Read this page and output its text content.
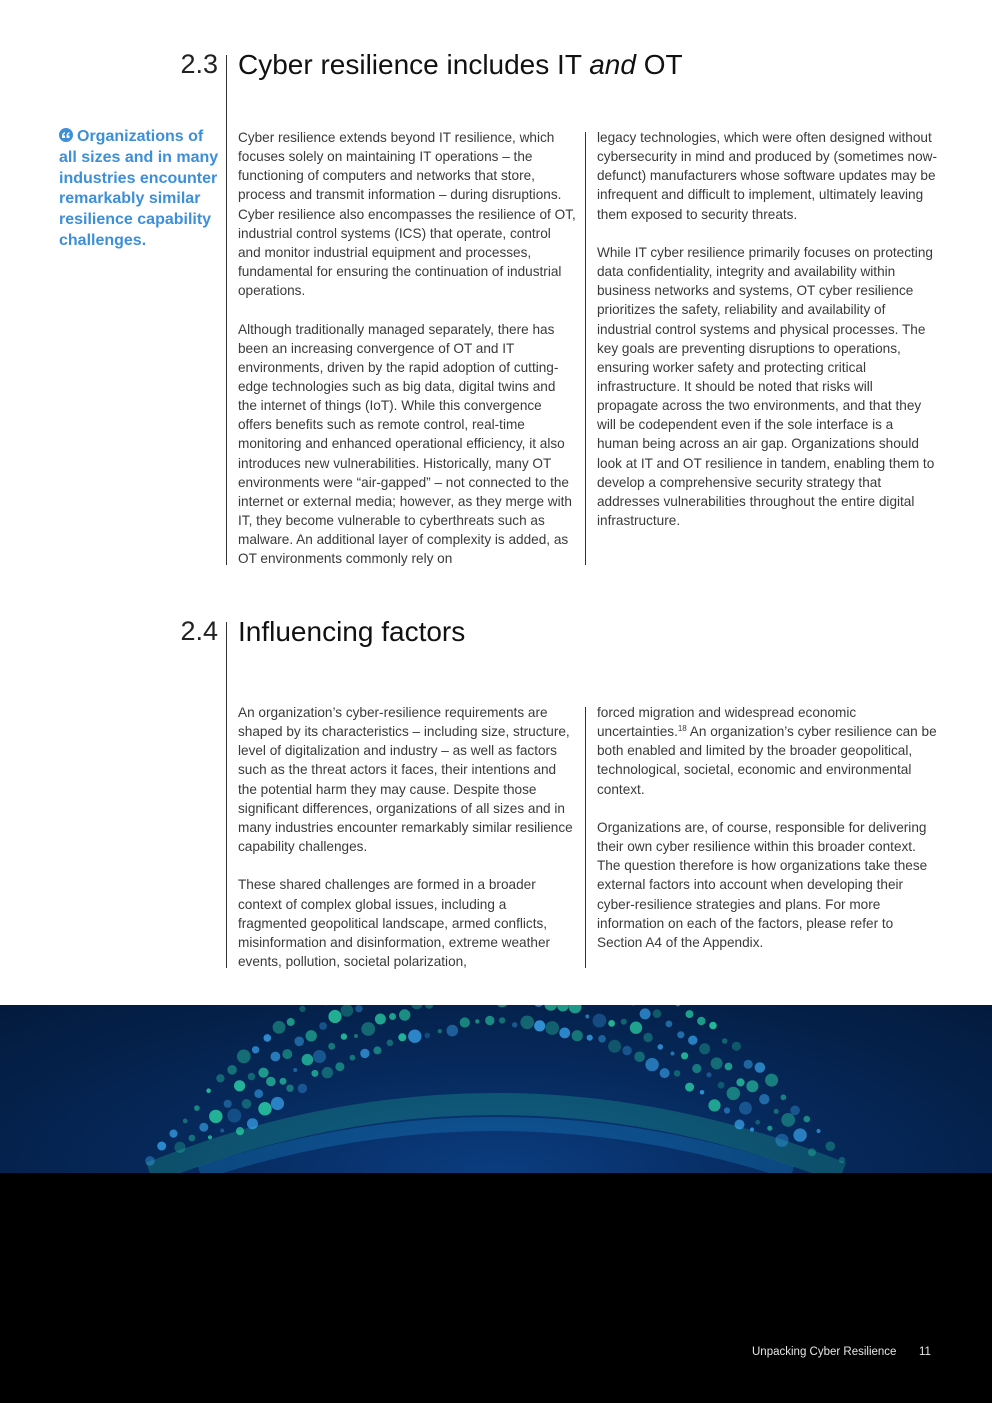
2.3 Cyber resilience includes IT and OT
Organizations of all sizes and in many industries encounter remarkably similar resilience capability challenges.

Cyber resilience extends beyond IT resilience, which focuses solely on maintaining IT operations – the functioning of computers and networks that store, process and transmit information – during disruptions. Cyber resilience also encompasses the resilience of OT, industrial control systems (ICS) that operate, control and monitor industrial equipment and processes, fundamental for ensuring the continuation of industrial operations.

Although traditionally managed separately, there has been an increasing convergence of OT and IT environments, driven by the rapid adoption of cutting-edge technologies such as big data, digital twins and the internet of things (IoT). While this convergence offers benefits such as remote control, real-time monitoring and enhanced operational efficiency, it also introduces new vulnerabilities. Historically, many OT environments were “air-gapped” – not connected to the internet or external media; however, as they merge with IT, they become vulnerable to cyberthreats such as malware. An additional layer of complexity is added, as OT environments commonly rely on

legacy technologies, which were often designed without cybersecurity in mind and produced by (sometimes now-defunct) manufacturers whose software updates may be infrequent and difficult to implement, ultimately leaving them exposed to security threats.

While IT cyber resilience primarily focuses on protecting data confidentiality, integrity and availability within business networks and systems, OT cyber resilience prioritizes the safety, reliability and availability of industrial control systems and physical processes. The key goals are preventing disruptions to operations, ensuring worker safety and protecting critical infrastructure. It should be noted that risks will propagate across the two environments, and that they will be codependent even if the sole interface is a human being across an air gap. Organizations should look at IT and OT resilience in tandem, enabling them to develop a comprehensive security strategy that addresses vulnerabilities throughout the entire digital infrastructure.

2.4 Influencing factors

An organization’s cyber-resilience requirements are shaped by its characteristics – including size, structure, level of digitalization and industry – as well as factors such as the threat actors it faces, their intentions and the potential harm they may cause. Despite those significant differences, organizations of all sizes and in many industries encounter remarkably similar resilience capability challenges.

These shared challenges are formed in a broader context of complex global issues, including a fragmented geopolitical landscape, armed conflicts, misinformation and disinformation, extreme weather events, pollution, societal polarization,

forced migration and widespread economic uncertainties.$^{18}$ An organization’s cyber resilience can be both enabled and limited by the broader geopolitical, technological, societal, economic and environmental context.

Organizations are, of course, responsible for delivering their own cyber resilience within this broader context. The question therefore is how organizations take these external factors into account when developing their cyber-resilience strategies and plans. For more information on each of the factors, please refer to Section A4 of the Appendix.

Unpacking Cyber Resilience 11
